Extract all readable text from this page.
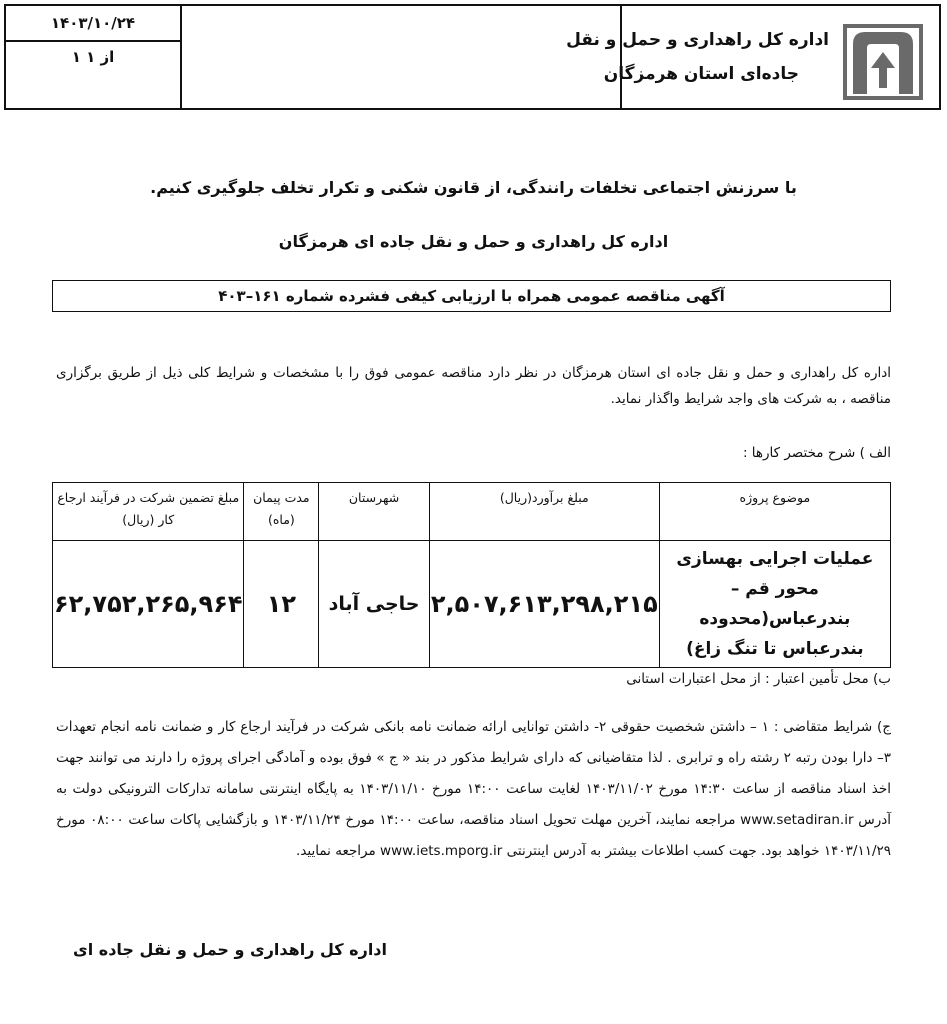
۱۴۰۳/۱۰/۲۴
۱ از ۱
اداره کل راهداری و حمل و نقل
جاده‌ای استان هرمزگان
با سرزنش اجتماعی تخلفات رانندگی، از قانون شکنی و تکرار تخلف جلوگیری کنیم.
اداره کل راهداری و حمل و نقل جاده ای هرمزگان
آگهی مناقصه عمومی همراه با ارزیابی کیفی فشرده شماره ۱۶۱–۴۰۳
اداره کل راهداری و حمل و نقل جاده ای استان هرمزگان در نظر دارد مناقصه عمومی فوق را با مشخصات و شرایط کلی ذیل از طریق برگزاری مناقصه ، به شرکت های واجد شرایط واگذار نماید.
الف ) شرح مختصر کارها :
موضوع پروژه	مبلغ برآورد(ریال)	شهرستان	مدت پیمان (ماه)	مبلغ تضمین شرکت در فرآیند ارجاع کار (ریال)
عملیات اجرایی بهسازی محور قم – بندرعباس(محدوده بندرعباس تا تنگ زاغ)	۲,۵۰۷,۶۱۳,۲۹۸,۲۱۵	حاجی آباد	۱۲	۶۲,۷۵۲,۲۶۵,۹۶۴
ب) محل تأمین اعتبار : از محل اعتبارات استانی
ج) شرایط متقاضی : ۱ – داشتن شخصیت حقوقی ۲- داشتن توانایی ارائه ضمانت نامه بانکی شرکت در فرآیند ارجاع کار و ضمانت نامه انجام تعهدات ۳– دارا بودن رتبه ۲ رشته راه و ترابری . لذا متقاضیانی که دارای شرایط مذکور در بند « ج » فوق بوده و آمادگی اجرای پروژه را دارند می توانند جهت اخذ اسناد مناقصه از ساعت ۱۴:۳۰ مورخ ۱۴۰۳/۱۱/۰۲ لغایت ساعت ۱۴:۰۰ مورخ ۱۴۰۳/۱۱/۱۰ به پایگاه اینترنتی سامانه تدارکات الترونیکی دولت به آدرس www.setadiran.ir مراجعه نمایند، آخرین مهلت تحویل اسناد مناقصه، ساعت ۱۴:۰۰ مورخ ۱۴۰۳/۱۱/۲۴ و بازگشایی پاکات ساعت ۰۸:۰۰ مورخ ۱۴۰۳/۱۱/۲۹ خواهد بود. جهت کسب اطلاعات بیشتر به آدرس اینترنتی www.iets.mporg.ir مراجعه نمایید.
اداره کل راهداری و حمل و نقل جاده ای
